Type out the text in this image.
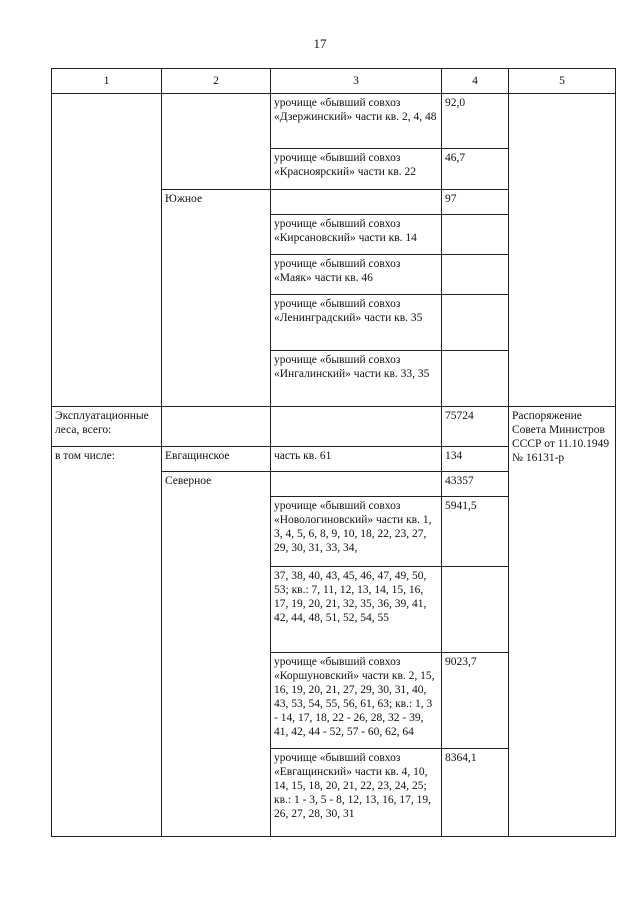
17
1	2	3	4	5
		урочище «бывший совхоз «Дзержинский» части кв. 2, 4, 48	92,0	
		урочище «бывший совхоз «Красноярский» части кв. 22	46,7	
	Южное		97	
		урочище «бывший совхоз «Кирсановский» части кв. 14		
		урочище «бывший совхоз «Маяк» части кв. 46		
		урочище «бывший совхоз «Ленинградский» части кв. 35		
		урочище «бывший совхоз «Ингалинский» части кв. 33, 35		
Эксплуатационные леса, всего:			75724	Распоряжение Совета Министров СССР от 11.10.1949 № 16131-р
в том числе:	Евгащинское	часть кв. 61	134	
	Северное		43357	
		урочище «бывший совхоз «Новологиновский» части кв. 1, 3, 4, 5, 6, 8, 9, 10, 18, 22, 23, 27, 29, 30, 31, 33, 34,	5941,5	
		37, 38, 40, 43, 45, 46, 47, 49, 50, 53; кв.: 7, 11, 12, 13, 14, 15, 16, 17, 19, 20, 21, 32, 35, 36, 39, 41, 42, 44, 48, 51, 52, 54, 55		
		урочище «бывший совхоз «Коршуновский» части кв. 2, 15, 16, 19, 20, 21, 27, 29, 30, 31, 40, 43, 53, 54, 55, 56, 61, 63; кв.: 1, 3 - 14, 17, 18, 22 - 26, 28, 32 - 39, 41, 42, 44 - 52, 57 - 60, 62, 64	9023,7	
		урочище «бывший совхоз «Евгащинский» части кв. 4, 10, 14, 15, 18, 20, 21, 22, 23, 24, 25; кв.: 1 - 3, 5 - 8, 12, 13, 16, 17, 19, 26, 27, 28, 30, 31	8364,1	
